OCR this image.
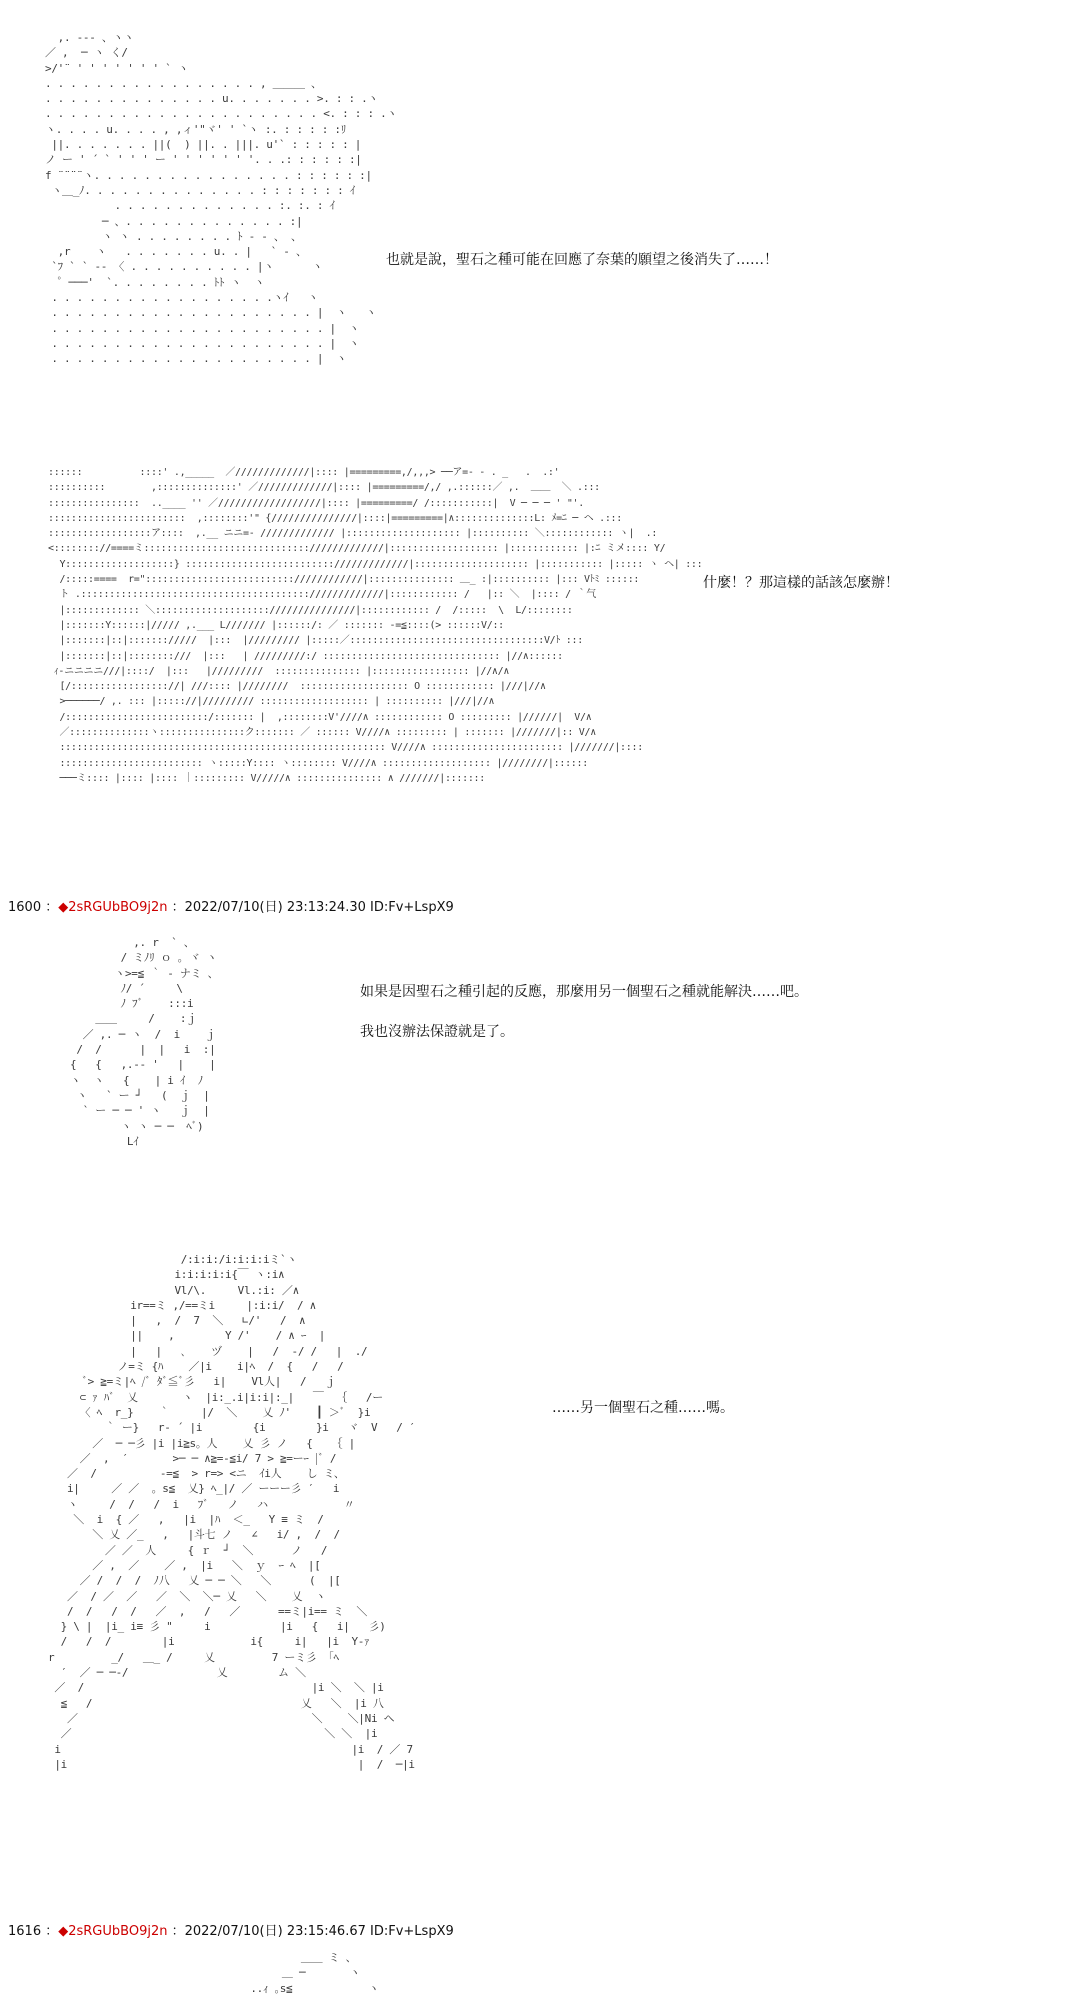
,. -‐- 、ヽヽ
／ ,  ─ ヽ く/
>/'¨ ' ' ' ' ' ' ' ` ヽ
. . . . . . . . . . . . . . . . . , ＿＿＿ 、
. . . . . . . . . . . . . . u. . . . . . . >. : : .ヽ
. . . . . . . . . . . . . . . . . . . . . . <. : : : .ヽ
ヽ. . . . u. . . . , ,ィ'"ヾ' ' `ヽ :. : : : : :ﾘ
||. . . . . . . ||(  ) ||. . |||. u'` : : : : : |
ノ ー ' ´ ` ' ' ' ー ' ' ' ' ' ' '. . .: : : : : :|
f ¨¨¨¨ヽ. . . . . . . . . . . . . . . . : : : : : :|
ヽ＿_ﾉ. . . . . . . . . . . . . . : : : : : : : ｲ
. . . . . . . . . . . . . :. :. : ｲ
─ 、. . . . . . . . . . . . . :|
ヽ ヽ . . . . . . . . ﾄ ‐ - 、 、
,r    ヽ   . . . . . . . u. . |   ` ‐ 、
`ﾌ ` ` ‐‐ 〈 . . . . . . . . . . |ヽ      ヽ
゜───'  `. . . . . . . . ﾄﾄ ヽ  ヽ
. . . . . . . . . . . . . . . . . .ヽｲ   ヽ
. . . . . . . . . . . . . . . . . . . . . |  ヽ   ヽ
. . . . . . . . . . . . . . . . . . . . . . |  ヽ
. . . . . . . . . . . . . . . . . . . . . . |  ヽ
. . . . . . . . . . . . . . . . . . . . . |  ヽ
也就是說，聖石之種可能在回應了奈葉的願望之後消失了……！
::::::          ::::' .,_____  ／/////////////|:::: |=========,/,,,> ──ア=- - . _   .  .:'
::::::::::        ,::::::::::::::' ／/////////////|:::: |=========/,/ ,.::::::／ ,.  ＿＿  ＼ .:::
::::::::::::::::  ..____ '' ／//////////////////|:::: |=========/ /:::::::::::|  V ─ ─ ─ ' "'.
::::::::::::::::::::::::  ,::::::::'" {///////////////|::::|=========|∧::::::::::::::L: ﾒ=ﾆ ─ ヘ .:::
::::::::::::::::::ア::::  ,.__ ニニ=- ///////////// |:::::::::::::::::::: |:::::::::: ＼:::::::::::: ヽ|  .:
<:::::::://====ミ::::::::::::::::::::::::::::://///////////|::::::::::::::::::: |:::::::::::: |:ﾆ ミメ:::: Y/
Y:::::::::::::::::::} :::::::::::::::::::::::::://///////////|:::::::::::::::::::: |::::::::::: |::::: ヽ ヘ| :::
/:::::====  r="::::::::::::::::::::::::::////////////|::::::::::::::: ＿_ :|:::::::::: |::: Vﾄﾐ ::::::
ト .:::::::::::::::::::::::::::::::::::::::://///////////|:::::::::::: /   |:: ＼  |:::: / ｀气
|::::::::::::: ＼::::::::::::::::::::///////////////|:::::::::::: /  /:::::  \  L/::::::::
|:::::::Y::::::|///// ,.___ L/////// |::::::/: ／ ::::::: -=≦::::(> ::::::V/::
|:::::::|::|::::::://///  |:::  |///////// |:::::／::::::::::::::::::::::::::::::::::V/ﾄ :::
|:::::::|::|::::::::///  |:::   | /////////:/ ::::::::::::::::::::::::::::::: |//∧::::::
ｨ‐ニニニニ///|::::/  |:::   |/////////  ::::::::::::::: |::::::::::::::::: |//∧/∧
[/::::::::::::::::://| ///:::: |////////  ::::::::::::::::::: O :::::::::::: |///|//∧
>──────/ ,. ::: |::::://|///////// ::::::::::::::::::: | :::::::::: |///|//∧
/:::::::::::::::::::::::::/::::::: |  ,::::::::V'////∧ :::::::::::: O ::::::::: |//////|  V/∧
／::::::::::::::ヽ:::::::::::::::ク::::::: ／ :::::: V////∧ ::::::::: | ::::::: |///////|:: V/∧
::::::::::::::::::::::::::::::::::::::::::::::::::::::::: V////∧ ::::::::::::::::::::::: |///////|::::
::::::::::::::::::::::::: ヽ:::::Y:::: ヽ:::::::: V////∧ ::::::::::::::::::: |////////|::::::
───ミ:::: |:::: |:::: ｜::::::::: V/////∧ ::::::::::::::: ∧ ///////|:::::::
什麼！？那這樣的話該怎麼辦！
1600 ：◆2sRGUbBO9j2n ：2022/07/10(日) 23:13:24.30 ID:Fv+LspX9
,. r  ` 、
/ ミﾉﾘ ｏ ｡ ヾ ヽ
ヽ>=≦ ｀ - ナミ 、
ﾉ/ ´     \
ﾉ ﾌﾞ    :::i
＿＿     /    :ｊ
／ ,. ─ ヽ  /  i    ｊ
/  /      |  |   i  :|
{   {   ,.-‐ '   |    |
ヽ  ヽ   {    | i ｲ  ﾉ
ヽ   ` ー ┘   (  ｊ  |
` ー ─ ─ ' ヽ   ｊ  |
ヽ ヽ ─ ─  ﾍﾞ)
Lｲ
如果是因聖石之種引起的反應，那麼用另一個聖石之種就能解決……吧。
我也沒辦法保證就是了。
/:i:i:/i:i:i:iミ`ヽ
i:i:i:i:i{￣ ヽ:i∧
Vl/\.     Vl.:i: ／∧
ir==ミ ,/==ミi     |:i:i/  / ∧
|   ,  /  7  ＼   ∟/'   /  ∧
||    ,        Y /'    / ∧ ｰ  |
|   |   ､    ヅ    |   /  -/ /   |  ./
ノ=ミ {ﾊ    ／|i    i|ﾍ  /  {   /   /
ﾞ> ≧=ミ|ﾍ /ﾞ ﾀﾞ≦ﾞ彡   i|    Vl人|   /   ｊ
⊂ ｧ ﾊﾞ  乂       ヽ  |i:_.i|i:i|:_|   ￣  ｛   /ー
〈 ﾍ  r_}    ｀     |/  ＼    乂 ﾉ'    ┃ ＞ﾞ  }i
｀ ー}   r‐ ´ |i        {i        }i   ヾ  V   / ′
／  ─ ─彡 |i |i≧s。人    乂 彡 ノ   {   ｛ |
／  ,  ′       >─ ─ ∧≧=-≦i/ 7 > ≧=ーｰ |ﾞ /
／  /          -=≦  > r=> <ニ  ｲi人    し ミ、
i|     ／ ／  。s≦  乂} ﾍ_|/ ／ ーーー彡 ′   i
ヽ     /  /   /  i   ﾌﾞ   ノ   ハ            〃
＼  i  { ／   ,   |i  |ﾊ  ＜_   Y ≡ ミ  /
＼ 乂 ／_   ,   |斗七 ノ   ∠   i/ ,  /  /
／ ／  人     { ｒ  ┘  ＼      ノ   /
／ ,  ／    ／ ,  |i   ＼  ｙ  ｰ ﾍ  |[
／ /  /  /  ﾉ八   乂 ─ ─ ＼   ＼      (  |[
／  / ／  ／   ／  ＼  ＼─ 乂   ＼    乂  ヽ
/  /   /  /   ／  ,   /   ／      ==ミ|i== ミ  ＼
} \ |  |i_ i≡ 彡 "     i           |i   {   i|   彡)
/   /  /        |i            i{     i|   |i  Y-ｧ
r         _/   ＿_ /     乂         7 ーミ彡 「ﾍ
′  ／ ─ ─‐/              乂        ム ＼
／  /                                    |i ＼  ＼ |i
≦   /                                 乂   ＼  |i 八
／                                     ＼    ＼|Ni ヘ
／                                        ＼ ＼  |i
i                                              |i  / ／ 7
|i                                              |  /  ─|i
……另一個聖石之種……嗎。
1616 ：◆2sRGUbBO9j2n ：2022/07/10(日) 23:15:46.67 ID:Fv+LspX9
＿＿ ミ 、
＿ ─       ヽ
..ｨ ｡s≦            ヽ
